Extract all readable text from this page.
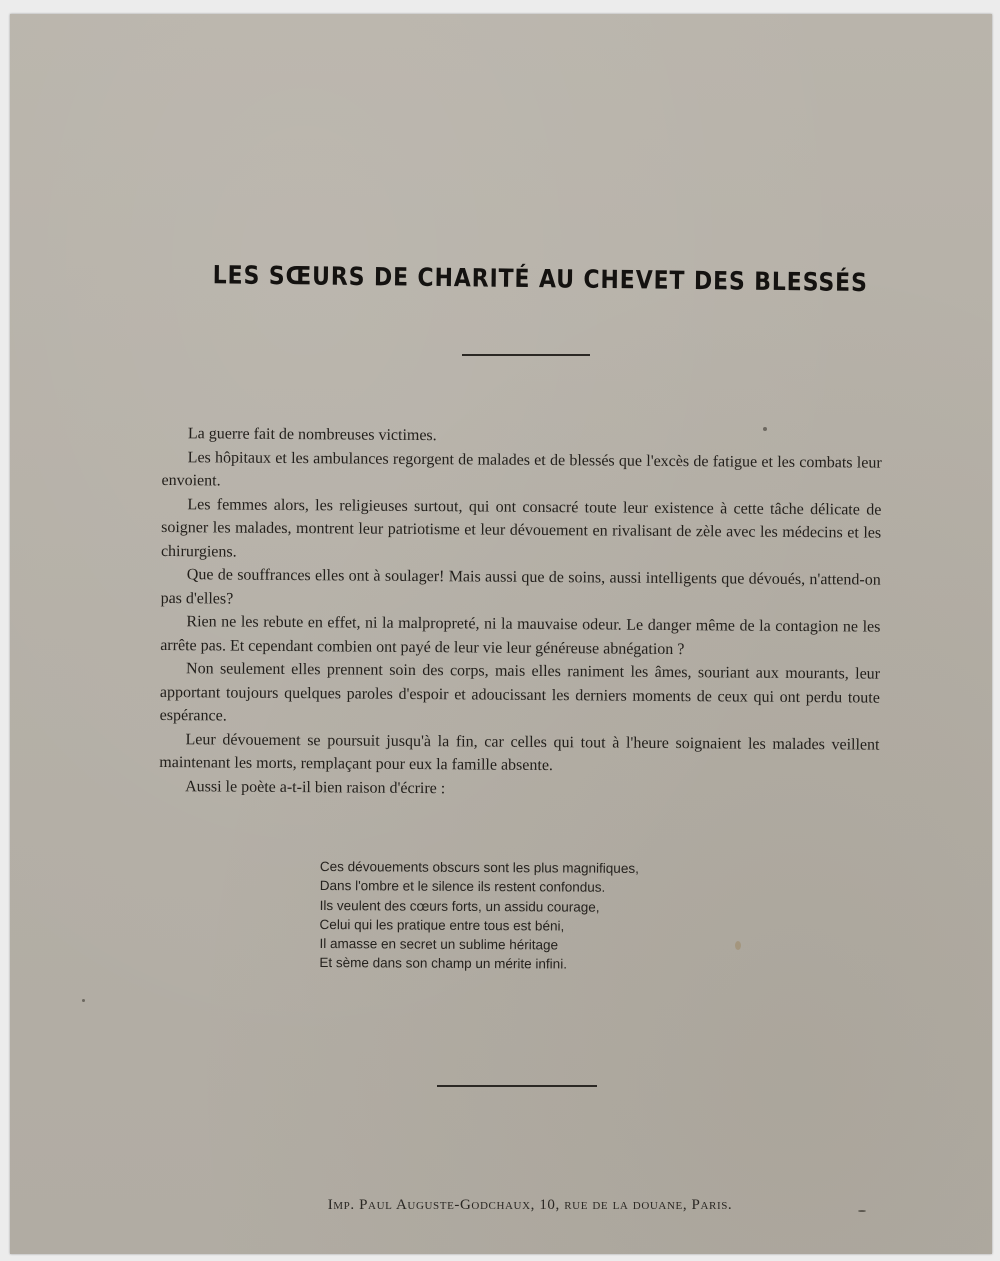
LES SŒURS DE CHARITÉ AU CHEVET DES BLESSÉS

La guerre fait de nombreuses victimes.

Les hôpitaux et les ambulances regorgent de malades et de blessés que l'excès de fatigue et les combats leur envoient.

Les femmes alors, les religieuses surtout, qui ont consacré toute leur existence à cette tâche délicate de soigner les malades, montrent leur patriotisme et leur dévouement en rivalisant de zèle avec les médecins et les chirurgiens.

Que de souffrances elles ont à soulager! Mais aussi que de soins, aussi intelligents que dévoués, n'attend-on pas d'elles?

Rien ne les rebute en effet, ni la malpropreté, ni la mauvaise odeur. Le danger même de la contagion ne les arrête pas. Et cependant combien ont payé de leur vie leur généreuse abnégation ?

Non seulement elles prennent soin des corps, mais elles raniment les âmes, souriant aux mourants, leur apportant toujours quelques paroles d'espoir et adoucissant les derniers moments de ceux qui ont perdu toute espérance.

Leur dévouement se poursuit jusqu'à la fin, car celles qui tout à l'heure soignaient les malades veillent maintenant les morts, remplaçant pour eux la famille absente.

Aussi le poète a-t-il bien raison d'écrire :

Ces dévouements obscurs sont les plus magnifiques,
Dans l'ombre et le silence ils restent confondus.
Ils veulent des cœurs forts, un assidu courage,
Celui qui les pratique entre tous est béni,
Il amasse en secret un sublime héritage
Et sème dans son champ un mérite infini.
Imp. Paul Auguste-Godchaux, 10, rue de la douane, Paris.
